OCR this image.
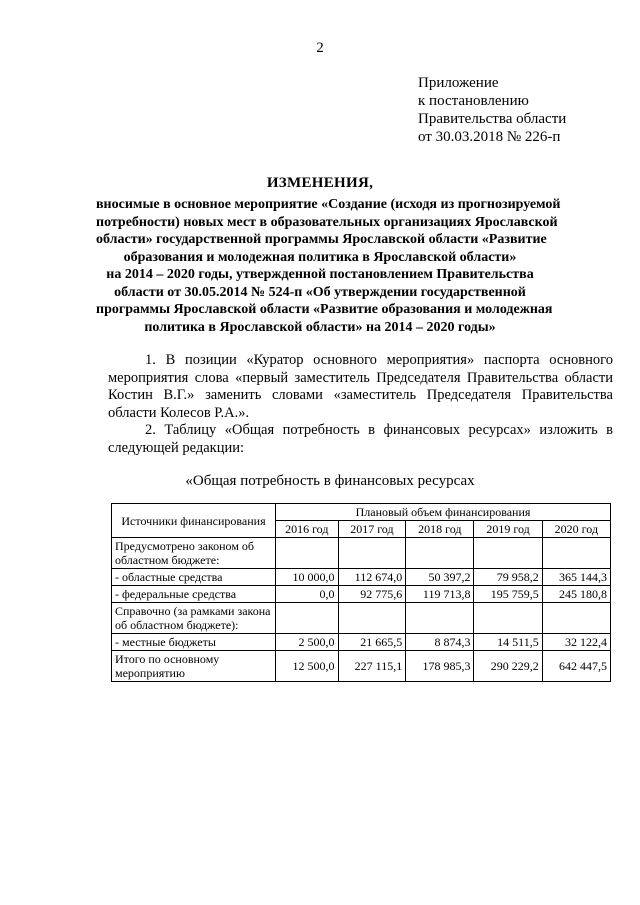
2
Приложение
к постановлению
Правительства области
от 30.03.2018 № 226-п
ИЗМЕНЕНИЯ,
вносимые в основное мероприятие «Создание (исходя из прогнозируемой
потребности) новых мест в образовательных организациях Ярославской
области» государственной программы Ярославской области «Развитие
образования и молодежная политика в Ярославской области»
на 2014 – 2020 годы, утвержденной постановлением Правительства
области от 30.05.2014 № 524-п «Об утверждении государственной
программы Ярославской области «Развитие образования и молодежная
политика в Ярославской области» на 2014 – 2020 годы»
1. В позиции «Куратор основного мероприятия» паспорта основного мероприятия слова «первый заместитель Председателя Правительства области Костин В.Г.» заменить словами «заместитель Председателя Правительства области Колесов Р.А.».
2. Таблицу «Общая потребность в финансовых ресурсах» изложить в следующей редакции:
«Общая потребность в финансовых ресурсах
Источники финансирования	Плановый объем финансирования				
	2016 год	2017 год	2018 год	2019 год	2020 год
Предусмотрено законом об областном бюджете:					
- областные средства	10 000,0	112 674,0	50 397,2	79 958,2	365 144,3
- федеральные средства	0,0	92 775,6	119 713,8	195 759,5	245 180,8
Справочно (за рамками закона об областном бюджете):					
- местные бюджеты	2 500,0	21 665,5	8 874,3	14 511,5	32 122,4
Итого по основному мероприятию	12 500,0	227 115,1	178 985,3	290 229,2	642 447,5
